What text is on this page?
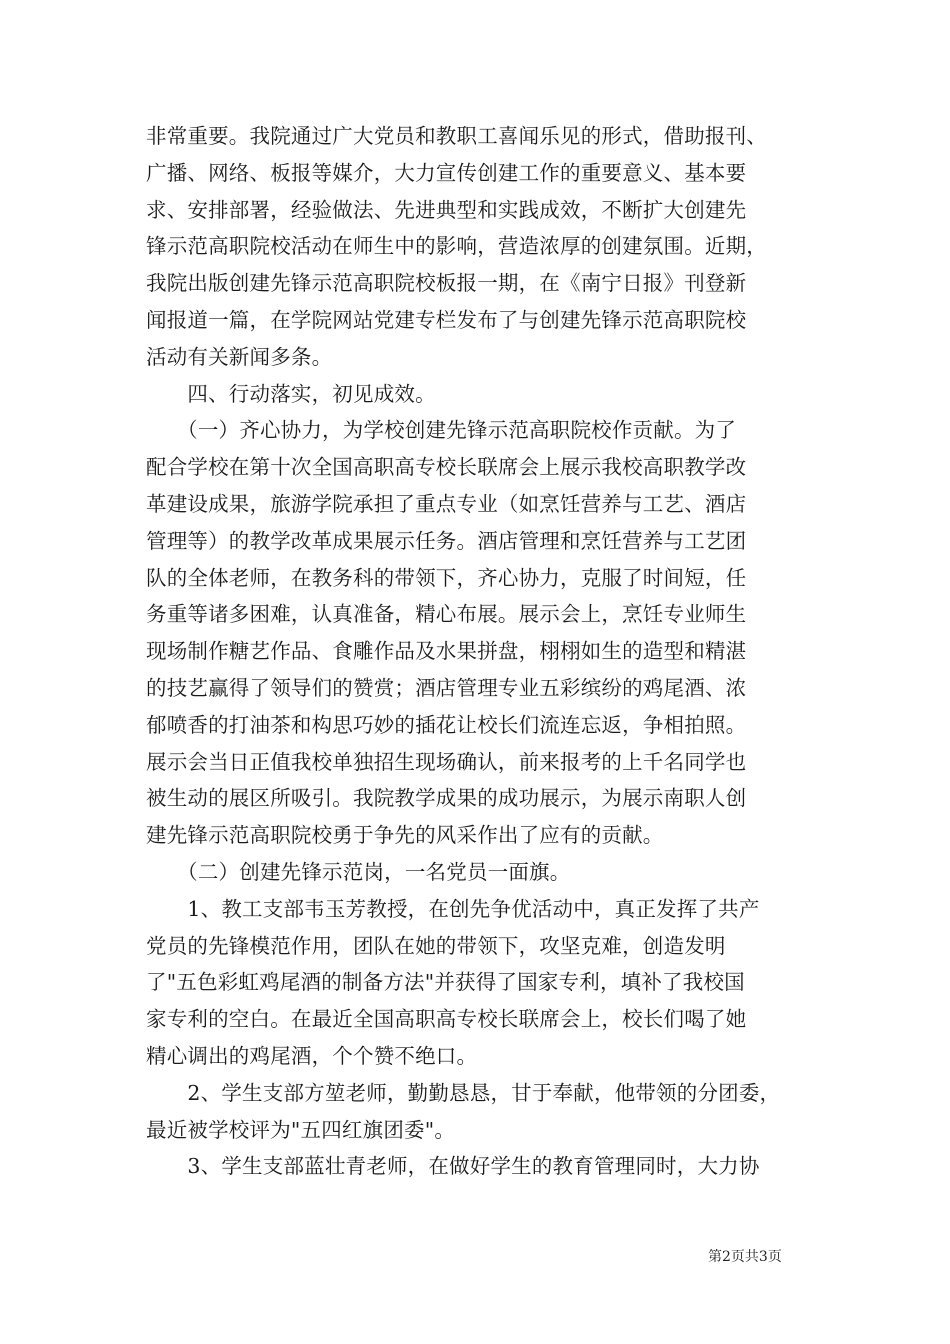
非常重要。我院通过广大党员和教职工喜闻乐见的形式，借助报刊、
广播、网络、板报等媒介，大力宣传创建工作的重要意义、基本要
求、安排部署，经验做法、先进典型和实践成效，不断扩大创建先
锋示范高职院校活动在师生中的影响，营造浓厚的创建氛围。近期，
我院出版创建先锋示范高职院校板报一期，在《南宁日报》刊登新
闻报道一篇，在学院网站党建专栏发布了与创建先锋示范高职院校
活动有关新闻多条。
　　四、行动落实，初见成效。
　　（一）齐心协力，为学校创建先锋示范高职院校作贡献。为了
配合学校在第十次全国高职高专校长联席会上展示我校高职教学改
革建设成果，旅游学院承担了重点专业（如烹饪营养与工艺、酒店
管理等）的教学改革成果展示任务。酒店管理和烹饪营养与工艺团
队的全体老师，在教务科的带领下，齐心协力，克服了时间短，任
务重等诸多困难，认真准备，精心布展。展示会上，烹饪专业师生
现场制作糖艺作品、食雕作品及水果拼盘，栩栩如生的造型和精湛
的技艺赢得了领导们的赞赏；酒店管理专业五彩缤纷的鸡尾酒、浓
郁喷香的打油茶和构思巧妙的插花让校长们流连忘返，争相拍照。
展示会当日正值我校单独招生现场确认，前来报考的上千名同学也
被生动的展区所吸引。我院教学成果的成功展示，为展示南职人创
建先锋示范高职院校勇于争先的风采作出了应有的贡献。
　　（二）创建先锋示范岗，一名党员一面旗。
　　1、教工支部韦玉芳教授，在创先争优活动中，真正发挥了共产
党员的先锋模范作用，团队在她的带领下，攻坚克难，创造发明
了"五色彩虹鸡尾酒的制备方法"并获得了国家专利，填补了我校国
家专利的空白。在最近全国高职高专校长联席会上，校长们喝了她
精心调出的鸡尾酒，个个赞不绝口。
　　2、学生支部方堃老师，勤勤恳恳，甘于奉献，他带领的分团委，
最近被学校评为"五四红旗团委"。
　　3、学生支部蓝壮青老师，在做好学生的教育管理同时，大力协
第2页共3页
